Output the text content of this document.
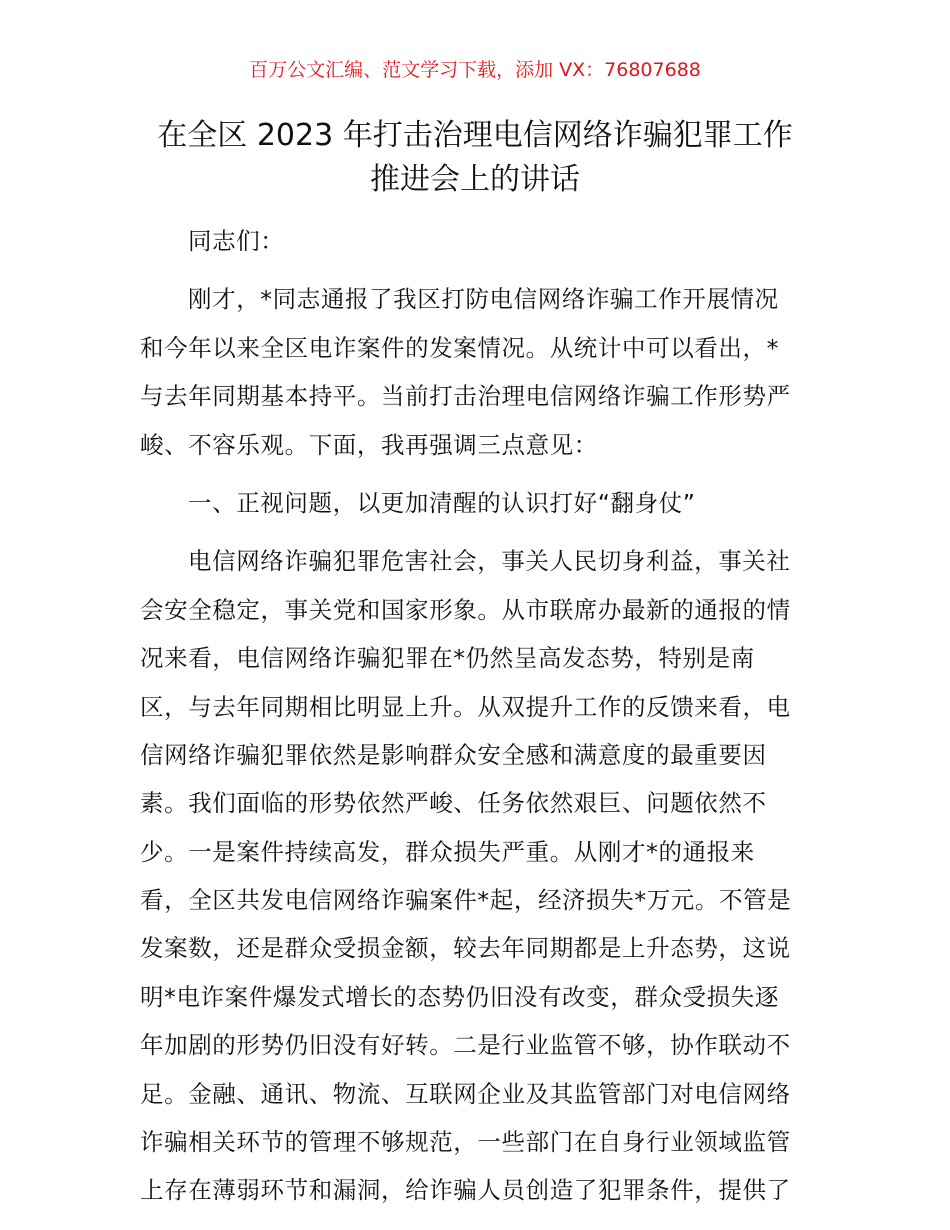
百万公文汇编、范文学习下载，添加 VX：76807688
在全区 2023 年打击治理电信网络诈骗犯罪工作
推进会上的讲话
同志们：
刚才，*同志通报了我区打防电信网络诈骗工作开展情况
和今年以来全区电诈案件的发案情况。从统计中可以看出，*
与去年同期基本持平。当前打击治理电信网络诈骗工作形势严
峻、不容乐观。下面，我再强调三点意见：
一、正视问题，以更加清醒的认识打好“翻身仗”
电信网络诈骗犯罪危害社会，事关人民切身利益，事关社
会安全稳定，事关党和国家形象。从市联席办最新的通报的情
况来看，电信网络诈骗犯罪在*仍然呈高发态势，特别是南
区，与去年同期相比明显上升。从双提升工作的反馈来看，电
信网络诈骗犯罪依然是影响群众安全感和满意度的最重要因
素。我们面临的形势依然严峻、任务依然艰巨、问题依然不
少。一是案件持续高发，群众损失严重。从刚才*的通报来
看，全区共发电信网络诈骗案件*起，经济损失*万元。不管是
发案数，还是群众受损金额，较去年同期都是上升态势，这说
明*电诈案件爆发式增长的态势仍旧没有改变，群众受损失逐
年加剧的形势仍旧没有好转。二是行业监管不够，协作联动不
足。金融、通讯、物流、互联网企业及其监管部门对电信网络
诈骗相关环节的管理不够规范，一些部门在自身行业领域监管
上存在薄弱环节和漏洞，给诈骗人员创造了犯罪条件，提供了
